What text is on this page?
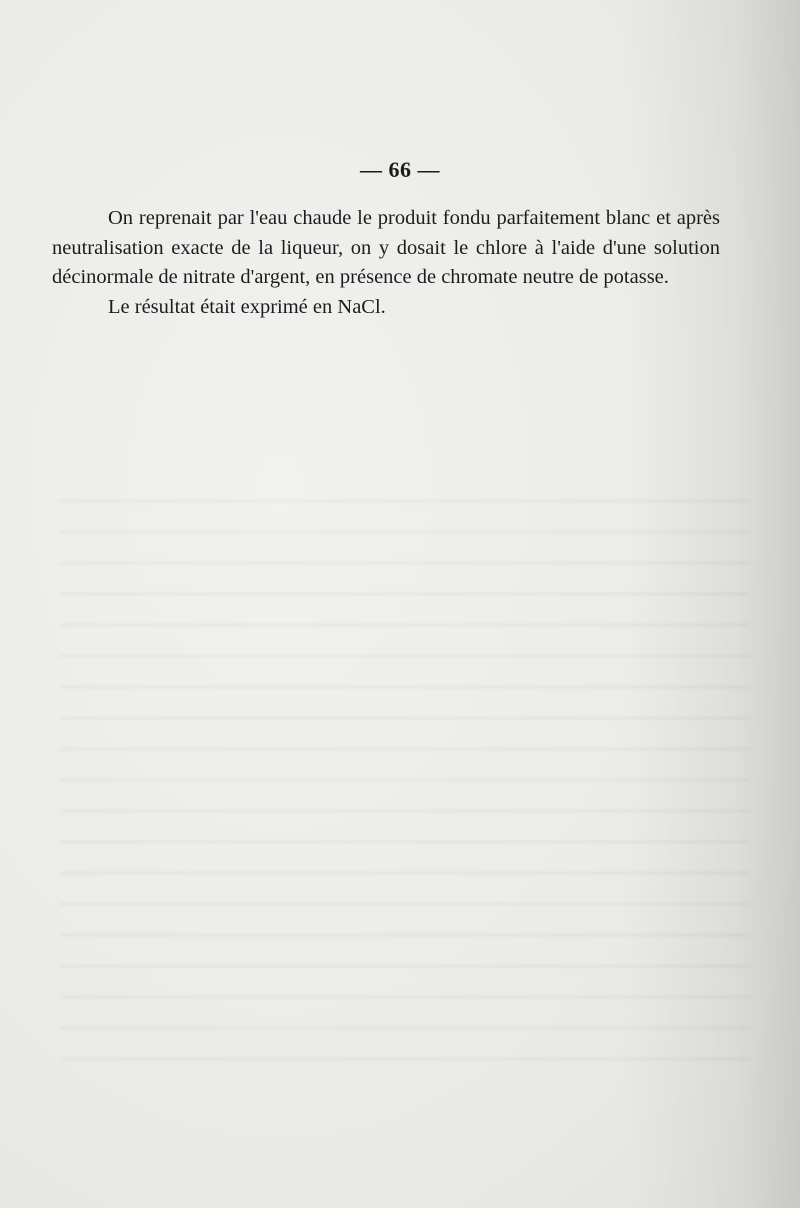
— 66 —

On reprenait par l'eau chaude le produit fondu parfaitement blanc et après neutralisation exacte de la liqueur, on y dosait le chlore à l'aide d'une solution décinormale de nitrate d'argent, en présence de chromate neutre de potasse.

Le résultat était exprimé en NaCl.
